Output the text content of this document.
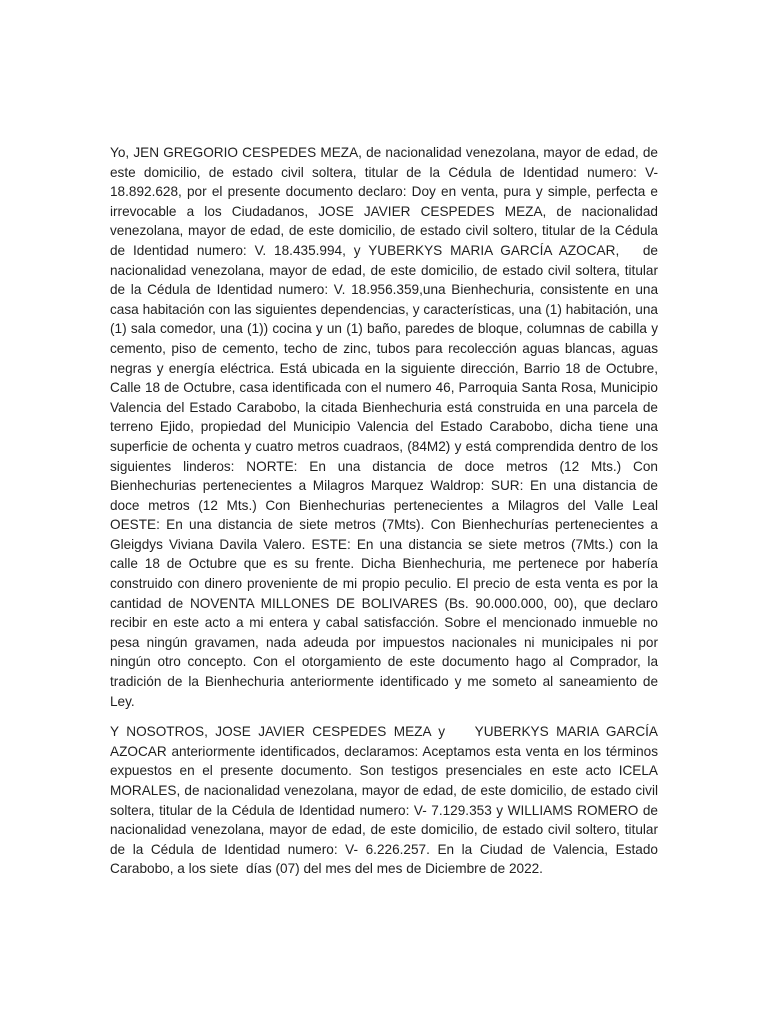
Yo, JEN GREGORIO CESPEDES MEZA, de nacionalidad venezolana, mayor de edad, de este domicilio, de estado civil soltera, titular de la Cédula de Identidad numero: V-18.892.628, por el presente documento declaro: Doy en venta, pura y simple, perfecta e irrevocable a los Ciudadanos, JOSE JAVIER CESPEDES MEZA, de nacionalidad venezolana, mayor de edad, de este domicilio, de estado civil soltero, titular de la Cédula de Identidad numero: V. 18.435.994, y YUBERKYS MARIA GARCÍA AZOCAR,   de nacionalidad venezolana, mayor de edad, de este domicilio, de estado civil soltera, titular de la Cédula de Identidad numero: V. 18.956.359,una Bienhechuria, consistente en una casa habitación con las siguientes dependencias, y características, una (1) habitación, una (1) sala comedor, una (1)) cocina y un (1) baño, paredes de bloque, columnas de cabilla y cemento, piso de cemento, techo de zinc, tubos para recolección aguas blancas, aguas negras y energía eléctrica. Está ubicada en la siguiente dirección, Barrio 18 de Octubre, Calle 18 de Octubre, casa identificada con el numero 46, Parroquia Santa Rosa, Municipio Valencia del Estado Carabobo, la citada Bienhechuria está construida en una parcela de terreno Ejido, propiedad del Municipio Valencia del Estado Carabobo, dicha tiene una superficie de ochenta y cuatro metros cuadraos, (84M2) y está comprendida dentro de los siguientes linderos: NORTE: En una distancia de doce metros (12 Mts.) Con Bienhechurias pertenecientes a Milagros Marquez Waldrop: SUR: En una distancia de doce metros (12 Mts.) Con Bienhechurias pertenecientes a Milagros del Valle Leal OESTE: En una distancia de siete metros (7Mts). Con Bienhechurías pertenecientes a Gleigdys Viviana Davila Valero. ESTE: En una distancia se siete metros (7Mts.) con la calle 18 de Octubre que es su frente. Dicha Bienhechuria, me pertenece por habería construido con dinero proveniente de mi propio peculio. El precio de esta venta es por la cantidad de NOVENTA MILLONES DE BOLIVARES (Bs. 90.000.000, 00), que declaro recibir en este acto a mi entera y cabal satisfacción. Sobre el mencionado inmueble no pesa ningún gravamen, nada adeuda por impuestos nacionales ni municipales ni por ningún otro concepto. Con el otorgamiento de este documento hago al Comprador, la tradición de la Bienhechuria anteriormente identificado y me someto al saneamiento de Ley.

Y NOSOTROS, JOSE JAVIER CESPEDES MEZA y    YUBERKYS MARIA GARCÍA AZOCAR anteriormente identificados, declaramos: Aceptamos esta venta en los términos expuestos en el presente documento. Son testigos presenciales en este acto ICELA MORALES, de nacionalidad venezolana, mayor de edad, de este domicilio, de estado civil soltera, titular de la Cédula de Identidad numero: V- 7.129.353 y WILLIAMS ROMERO de nacionalidad venezolana, mayor de edad, de este domicilio, de estado civil soltero, titular de la Cédula de Identidad numero: V- 6.226.257. En la Ciudad de Valencia, Estado Carabobo, a los siete  días (07) del mes del mes de Diciembre de 2022.
